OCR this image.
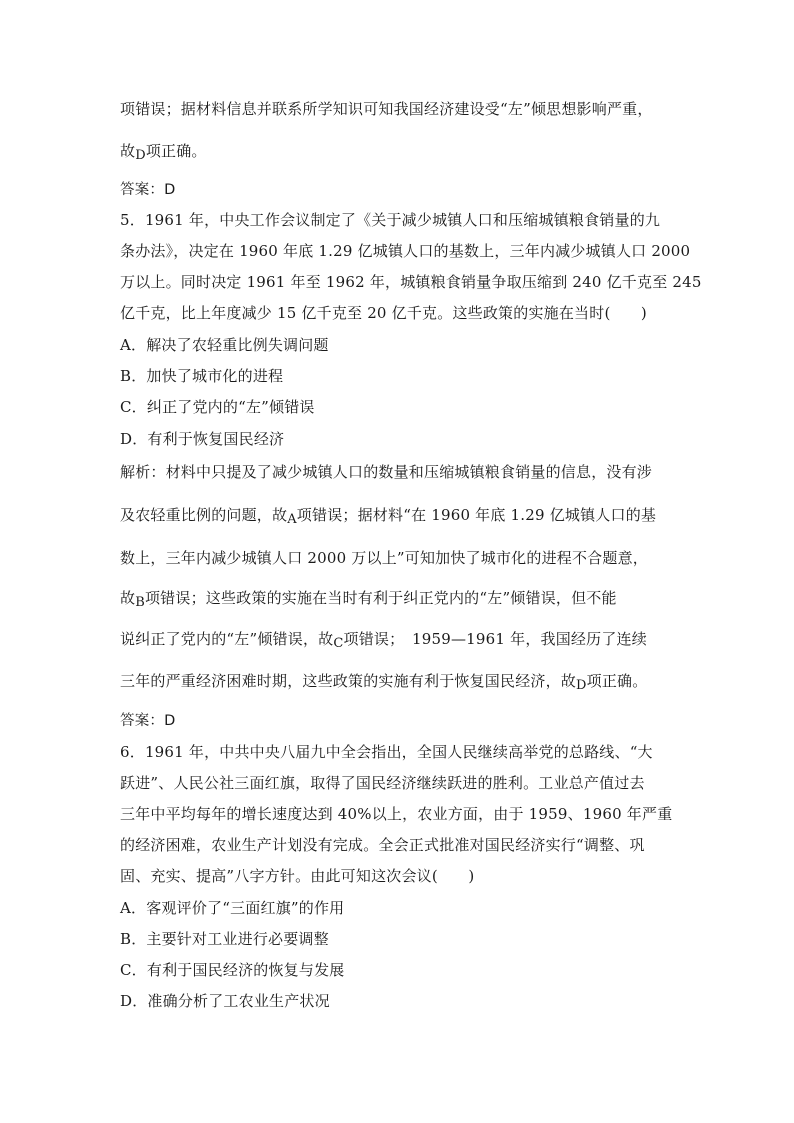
项错误；据材料信息并联系所学知识可知我国经济建设受“左”倾思想影响严重，
故D项正确。
答案：D
5．1961 年，中央工作会议制定了《关于减少城镇人口和压缩城镇粮食销量的九
条办法》，决定在 1960 年底 1.29 亿城镇人口的基数上，三年内减少城镇人口 2000
万以上。同时决定 1961 年至 1962 年，城镇粮食销量争取压缩到 240 亿千克至 245
亿千克，比上年度减少 15 亿千克至 20 亿千克。这些政策的实施在当时(　　)
A．解决了农轻重比例失调问题
B．加快了城市化的进程
C．纠正了党内的“左”倾错误
D．有利于恢复国民经济
解析：材料中只提及了减少城镇人口的数量和压缩城镇粮食销量的信息，没有涉
及农轻重比例的问题，故A项错误；据材料“在 1960 年底 1.29 亿城镇人口的基
数上，三年内减少城镇人口 2000 万以上”可知加快了城市化的进程不合题意，
故B项错误；这些政策的实施在当时有利于纠正党内的“左”倾错误，但不能
说纠正了党内的“左”倾错误，故C项错误；　1959—1961 年，我国经历了连续
三年的严重经济困难时期，这些政策的实施有利于恢复国民经济，故D项正确。
答案：D
6．1961 年，中共中央八届九中全会指出，全国人民继续高举党的总路线、“大
跃进”、人民公社三面红旗，取得了国民经济继续跃进的胜利。工业总产值过去
三年中平均每年的增长速度达到 40%以上，农业方面，由于 1959、1960 年严重
的经济困难，农业生产计划没有完成。全会正式批准对国民经济实行“调整、巩
固、充实、提高”八字方针。由此可知这次会议(　　)
A．客观评价了“三面红旗”的作用
B．主要针对工业进行必要调整
C．有利于国民经济的恢复与发展
D．准确分析了工农业生产状况
